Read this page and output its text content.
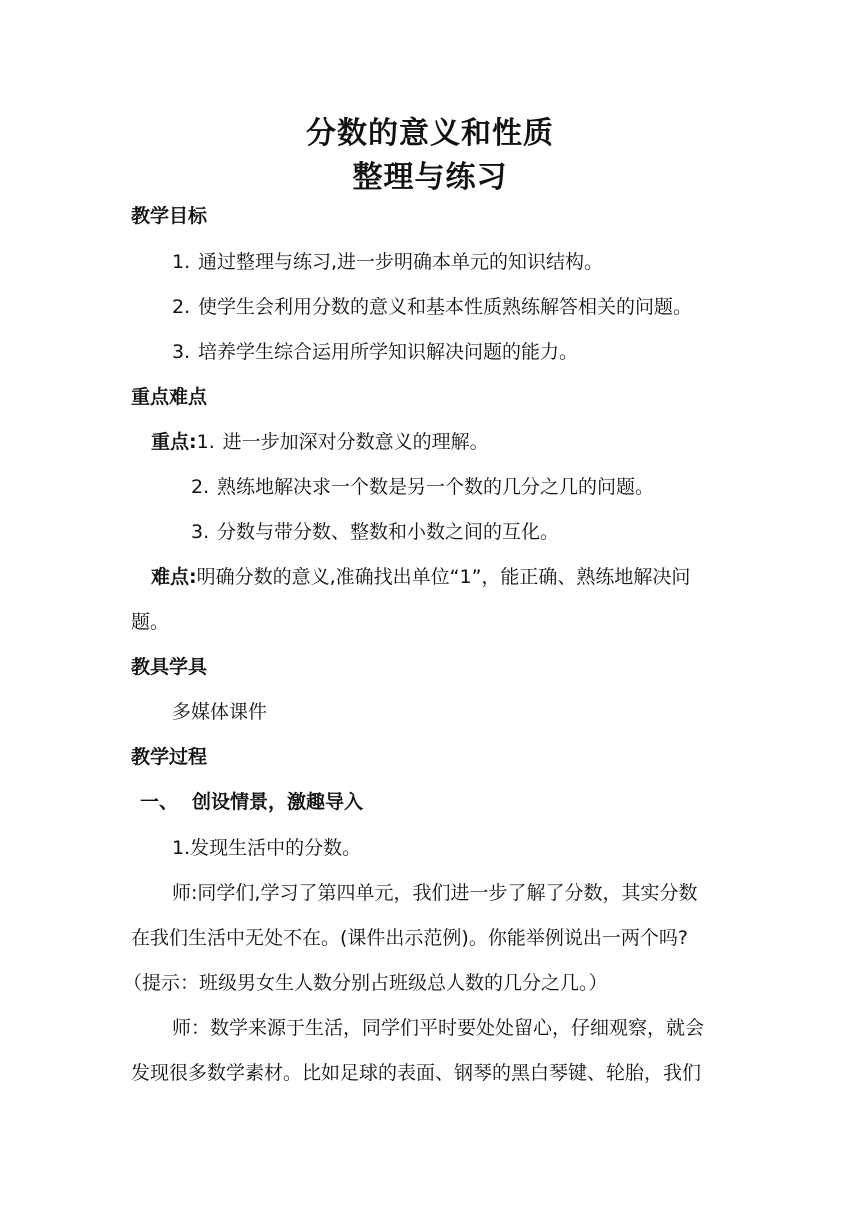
分数的意义和性质
整理与练习
教学目标
1. 通过整理与练习,进一步明确本单元的知识结构。
2. 使学生会利用分数的意义和基本性质熟练解答相关的问题。
3. 培养学生综合运用所学知识解决问题的能力。
重点难点
重点:1. 进一步加深对分数意义的理解。
2. 熟练地解决求一个数是另一个数的几分之几的问题。
3. 分数与带分数、整数和小数之间的互化。
难点:明确分数的意义,准确找出单位“1”，能正确、熟练地解决问
题。
教具学具
多媒体课件
教学过程
一、 创设情景，激趣导入
1.发现生活中的分数。
师:同学们,学习了第四单元，我们进一步了解了分数，其实分数
在我们生活中无处不在。(课件出示范例)。你能举例说出一两个吗?
（提示：班级男女生人数分别占班级总人数的几分之几。）
师：数学来源于生活，同学们平时要处处留心，仔细观察，就会
发现很多数学素材。比如足球的表面、钢琴的黑白琴键、轮胎，我们
